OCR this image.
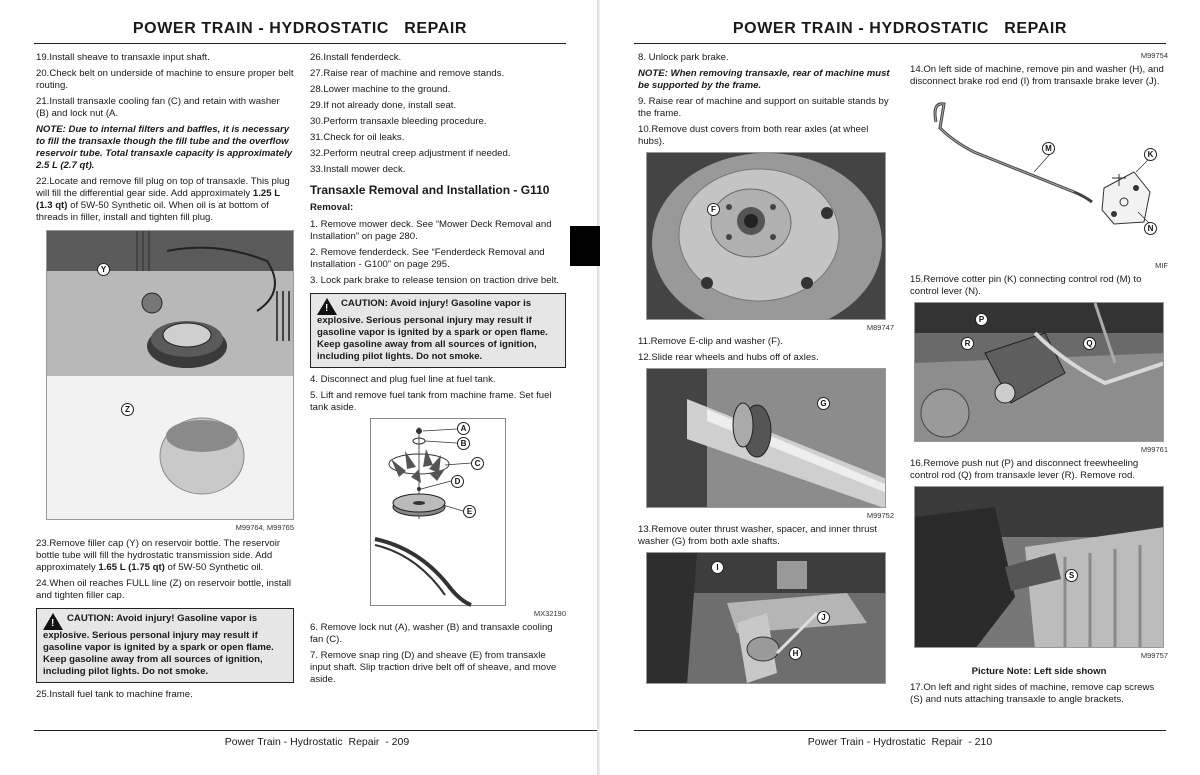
POWER TRAIN - HYDROSTATIC   REPAIR

19.Install sheave to transaxle input shaft.

20.Check belt on underside of machine to ensure proper belt routing.

21.Install transaxle cooling fan (C) and retain with washer (B) and lock nut (A.

NOTE: Due to internal filters and baffles, it is necessary to fill the transaxle though the fill tube and the overflow reservoir tube. Total transaxle capacity is approximately 2.5 L (2.7 qt).

22.Locate and remove fill plug on top of transaxle. This plug will fill the differential gear side. Add approximately 1.25 L (1.3 qt) of 5W-50 Synthetic oil. When oil is at bottom of threads in filler, install and tighten fill plug.

Y
Z
M99764, M99765

23.Remove filler cap (Y) on reservoir bottle. The reservoir bottle tube will fill the hydrostatic transmission side. Add approximately 1.65 L (1.75 qt) of 5W-50 Synthetic oil.

24.When oil reaches FULL line (Z) on reservoir bottle, install and tighten filler cap.

!CAUTION: Avoid injury! Gasoline vapor is explosive. Serious personal injury may result if gasoline vapor is ignited by a spark or open flame. Keep gasoline away from all sources of ignition, including pilot lights. Do not smoke.

25.Install fuel tank to machine frame.

26.Install fenderdeck.

27.Raise rear of machine and remove stands.

28.Lower machine to the ground.

29.If not already done, install seat.

30.Perform transaxle bleeding procedure.

31.Check for oil leaks.

32.Perform neutral creep adjustment if needed.

33.Install mower deck.

Transaxle Removal and Installation - G110
Removal:

1. Remove mower deck. See “Mower Deck Removal and Installation” on page 280.

2. Remove fenderdeck. See “Fenderdeck Removal and Installation - G100” on page 295.

3. Lock park brake to release tension on traction drive belt.

!CAUTION: Avoid injury! Gasoline vapor is explosive. Serious personal injury may result if gasoline vapor is ignited by a spark or open flame. Keep gasoline away from all sources of ignition, including pilot lights. Do not smoke.

4. Disconnect and plug fuel line at fuel tank.

5. Lift and remove fuel tank from machine frame. Set fuel tank aside.

A
B
C
D
E
MX32190

6. Remove lock nut (A), washer (B) and transaxle cooling fan (C).

7. Remove snap ring (D) and sheave (E) from transaxle input shaft. Slip traction drive belt off of sheave, and move aside.

Power Train - Hydrostatic  Repair  - 209
POWER TRAIN - HYDROSTATIC   REPAIR

8. Unlock park brake.

NOTE: When removing transaxle, rear of machine must be supported by the frame.

9. Raise rear of machine and support on suitable stands by the frame.

10.Remove dust covers from both rear axles (at wheel hubs).

F
M89747

11.Remove E-clip and washer (F).

12.Slide rear wheels and hubs off of axles.

G
M99752

13.Remove outer thrust washer, spacer, and inner thrust washer (G) from both axle shafts.

I
J
H
M99754

14.On left side of machine, remove pin and washer (H), and disconnect brake rod end (I) from transaxle brake lever (J).

M
K
N
MIF

15.Remove cotter pin (K) connecting control rod (M) to control lever (N).

P
R	Q
M99761

16.Remove push nut (P) and disconnect freewheeling control rod (Q) from transaxle lever (R). Remove rod.

S
M99757
Picture Note: Left side shown

17.On left and right sides of machine, remove cap screws (S) and nuts attaching transaxle to angle brackets.

Power Train - Hydrostatic  Repair  - 210
